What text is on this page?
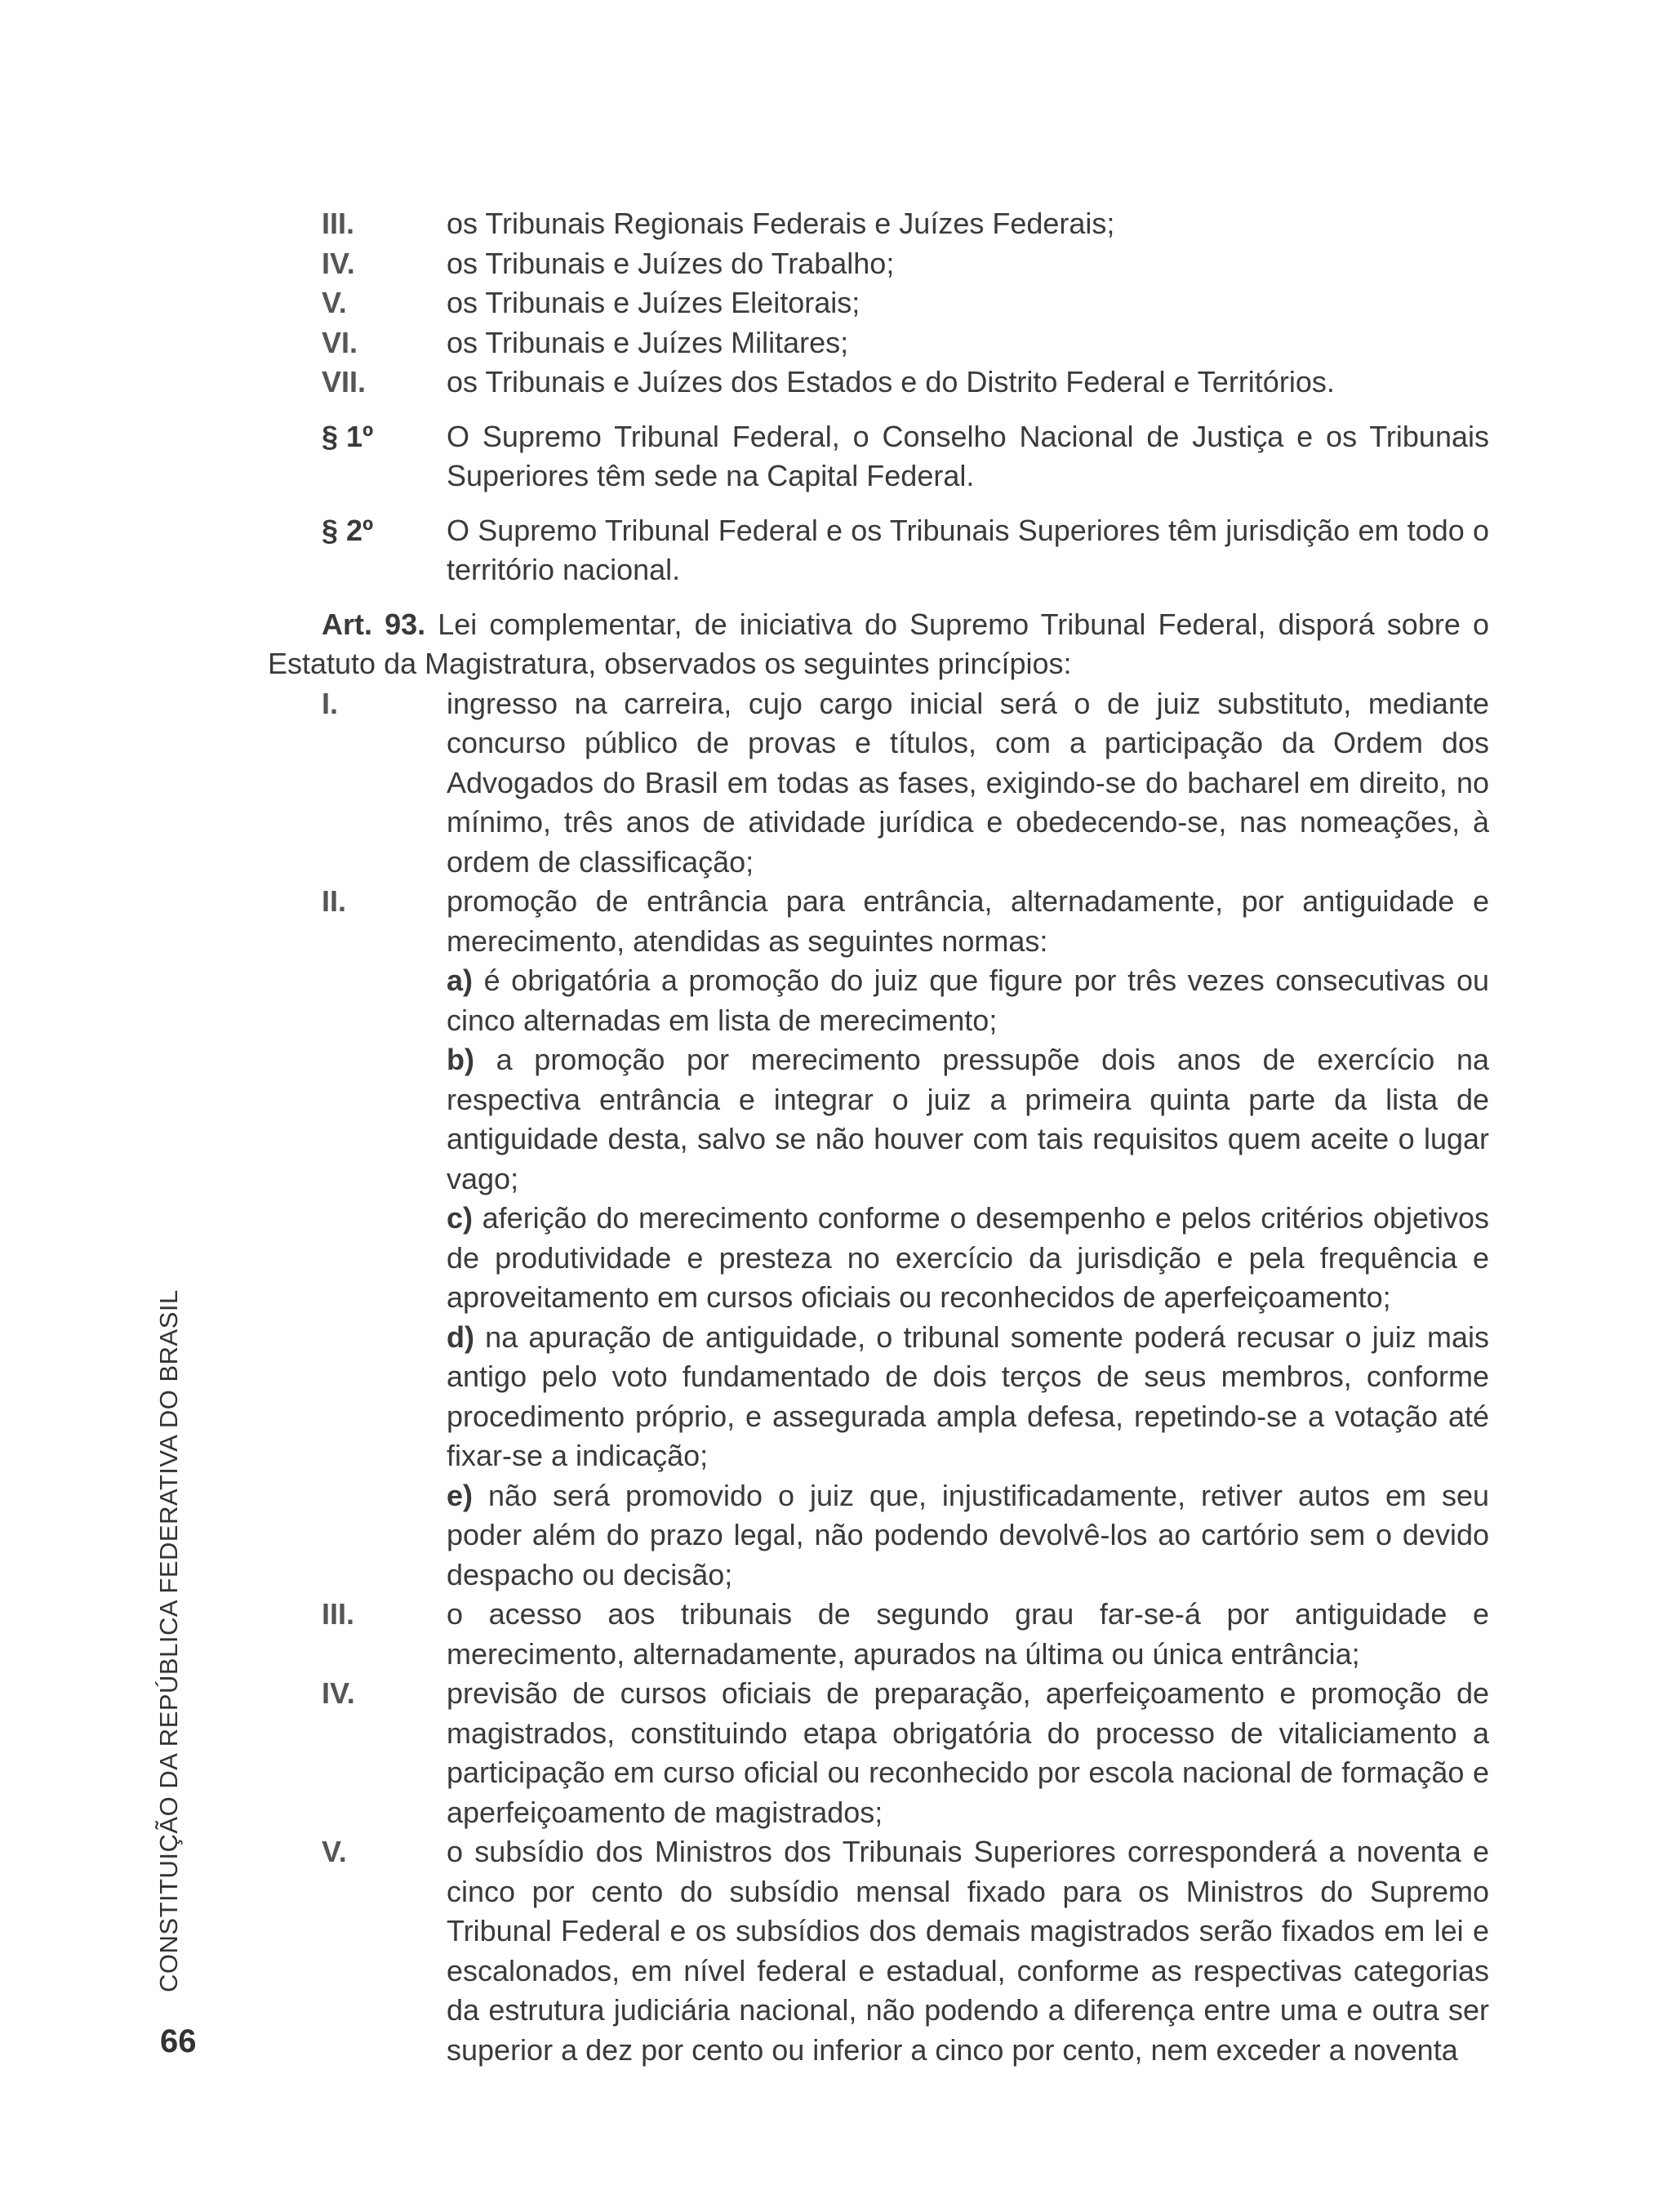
CONSTITUIÇÃO DA REPÚBLICA FEDERATIVA DO BRASIL
66
III.	os Tribunais Regionais Federais e Juízes Federais;
IV.	os Tribunais e Juízes do Trabalho;
V.	os Tribunais e Juízes Eleitorais;
VI.	os Tribunais e Juízes Militares;
VII.	os Tribunais e Juízes dos Estados e do Distrito Federal e Territórios.
§ 1º	O Supremo Tribunal Federal, o Conselho Nacional de Justiça e os Tribunais Superiores têm sede na Capital Federal.
§ 2º	O Supremo Tribunal Federal e os Tribunais Superiores têm jurisdição em todo o território nacional.
Art. 93. Lei complementar, de iniciativa do Supremo Tribunal Federal, disporá sobre o Estatuto da Magistratura, observados os seguintes princípios:
I.	ingresso na carreira, cujo cargo inicial será o de juiz substituto, mediante concurso público de provas e títulos, com a participação da Ordem dos Advogados do Brasil em todas as fases, exigindo-se do bacharel em direito, no mínimo, três anos de atividade jurídica e obedecendo-se, nas nomeações, à ordem de classificação;
II.	promoção de entrância para entrância, alternadamente, por antiguidade e merecimento, atendidas as seguintes normas:
a) é obrigatória a promoção do juiz que figure por três vezes consecutivas ou cinco alternadas em lista de merecimento;
b) a promoção por merecimento pressupõe dois anos de exercício na respectiva entrância e integrar o juiz a primeira quinta parte da lista de antiguidade desta, salvo se não houver com tais requisitos quem aceite o lugar vago;
c) aferição do merecimento conforme o desempenho e pelos critérios objetivos de produtividade e presteza no exercício da jurisdição e pela frequência e aproveitamento em cursos oficiais ou reconhecidos de aperfeiçoamento;
d) na apuração de antiguidade, o tribunal somente poderá recusar o juiz mais antigo pelo voto fundamentado de dois terços de seus membros, conforme procedimento próprio, e assegurada ampla defesa, repetindo-se a votação até fixar-se a indicação;
e) não será promovido o juiz que, injustificadamente, retiver autos em seu poder além do prazo legal, não podendo devolvê-los ao cartório sem o devido despacho ou decisão;
III.	o acesso aos tribunais de segundo grau far-se-á por antiguidade e merecimento, alternadamente, apurados na última ou única entrância;
IV.	previsão de cursos oficiais de preparação, aperfeiçoamento e promoção de magistrados, constituindo etapa obrigatória do processo de vitaliciamento a participação em curso oficial ou reconhecido por escola nacional de formação e aperfeiçoamento de magistrados;
V.	o subsídio dos Ministros dos Tribunais Superiores corresponderá a noventa e cinco por cento do subsídio mensal fixado para os Ministros do Supremo Tribunal Federal e os subsídios dos demais magistrados serão fixados em lei e escalonados, em nível federal e estadual, conforme as respectivas categorias da estrutura judiciária nacional, não podendo a diferença entre uma e outra ser superior a dez por cento ou inferior a cinco por cento, nem exceder a noventa
